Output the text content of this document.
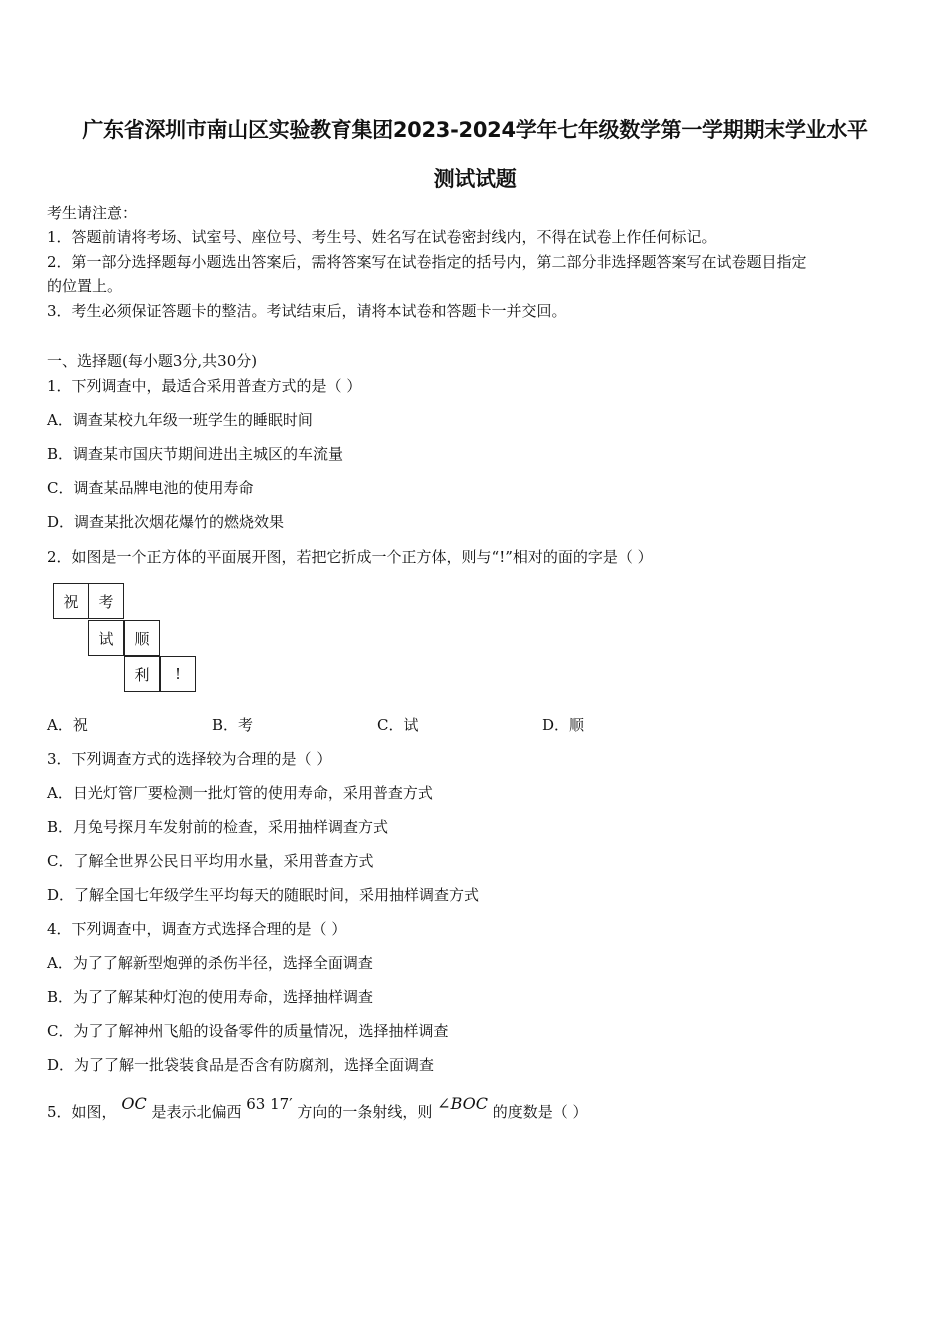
广东省深圳市南山区实验教育集团2023-2024学年七年级数学第一学期期末学业水平
测试试题
考生请注意：
1．答题前请将考场、试室号、座位号、考生号、姓名写在试卷密封线内，不得在试卷上作任何标记。
2．第一部分选择题每小题选出答案后，需将答案写在试卷指定的括号内，第二部分非选择题答案写在试卷题目指定
的位置上。
3．考生必须保证答题卡的整洁。考试结束后，请将本试卷和答题卡一并交回。
一、选择题(每小题3分,共30分)
1．下列调查中，最适合采用普查方式的是（ ）
A．调查某校九年级一班学生的睡眠时间
B．调查某市国庆节期间进出主城区的车流量
C．调查某品牌电池的使用寿命
D．调查某批次烟花爆竹的燃烧效果
2．如图是一个正方体的平面展开图，若把它折成一个正方体，则与“!”相对的面的字是（ ）
祝	考
试	顺
利	!
A．祝	B．考	C．试	D．顺
3．下列调查方式的选择较为合理的是（ ）
A．日光灯管厂要检测一批灯管的使用寿命，采用普查方式
B．月兔号探月车发射前的检查，采用抽样调查方式
C．了解全世界公民日平均用水量，采用普查方式
D．了解全国七年级学生平均每天的随眠时间，采用抽样调查方式
4．下列调查中，调查方式选择合理的是（ ）
A．为了了解新型炮弹的杀伤半径，选择全面调查
B．为了了解某种灯泡的使用寿命，选择抽样调查
C．为了了解神州飞船的设备零件的质量情况，选择抽样调查
D．为了了解一批袋装食品是否含有防腐剂，选择全面调查
5．如图， OC 是表示北偏西 63 17′ 方向的一条射线，则 ∠BOC 的度数是（ ）
